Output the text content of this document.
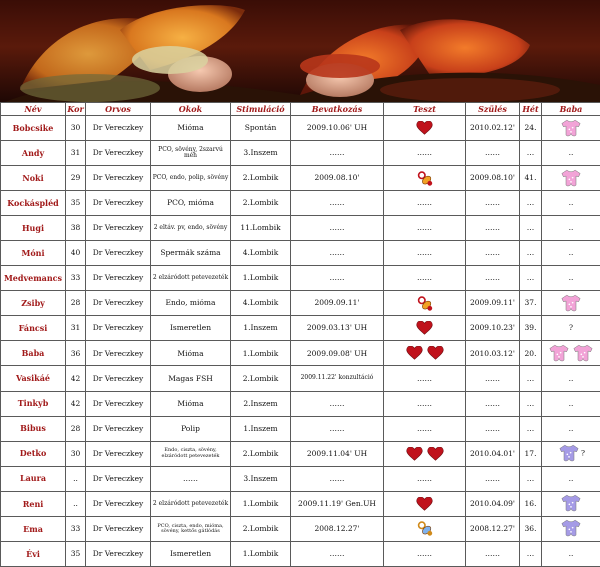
Név	Kor	Orvos	Okok	Stimuláció	Bevatkozás	Teszt	Szülés	Hét	Baba
Bobcsike	30	Dr Vereczkey	Mióma	Spontán	2009.10.06' UH		2010.02.12'	24.	
Andy	31	Dr Vereczkey	PCO, sövény, 2szarvú méh	3.Inszem	……	……	……	…	..
Noki	29	Dr Vereczkey	PCO, endo, polip, sövény	2.Lombik	2009.08.10'		2009.08.10'	41.	
Kockáspléd	35	Dr Vereczkey	PCO, mióma	2.Lombik	……	……	……	…	..
Hugi	38	Dr Vereczkey	2 eltáv. pv, endo, sövény	11.Lombik	……	……	……	…	..
Móni	40	Dr Vereczkey	Spermák száma	4.Lombik	……	……	……	…	..
Medvemancs	33	Dr Vereczkey	2 elzáródott petevezeték	1.Lombik	……	……	……	…	..
Zsiby	28	Dr Vereczkey	Endo, mióma	4.Lombik	2009.09.11'		2009.09.11'	37.	
Fáncsi	31	Dr Vereczkey	Ismeretlen	1.Inszem	2009.03.13' UH		2009.10.23'	39.	?
Baba	36	Dr Vereczkey	Mióma	1.Lombik	2009.09.08' UH		2010.03.12'	20.	
Vasikáé	42	Dr Vereczkey	Magas FSH	2.Lombik	2009.11.22' konzultáció	……	……	…	..
Tinkyb	42	Dr Vereczkey	Mióma	2.Inszem	……	……	……	…	..
Bibus	28	Dr Vereczkey	Polip	1.Inszem	……	……	……	…	..
Detko	30	Dr Vereczkey	Endo, cisztа, sövény, elzáródott petevezeték	2.Lombik	2009.11.04' UH		2010.04.01'	17.	?
Laura	..	Dr Vereczkey	……	3.Inszem	……	……	……	…	..
Reni	..	Dr Vereczkey	2 elzáródott petevezeték	1.Lombik	2009.11.19' Gen.UH		2010.04.09'	16.	
Ema	33	Dr Vereczkey	PCO, ciszta, endo, mióma, sövény, kettős gátlódás	2.Lombik	2008.12.27'		2008.12.27'	36.	
Évi	35	Dr Vereczkey	Ismeretlen	1.Lombik	……	……	……	…	..
